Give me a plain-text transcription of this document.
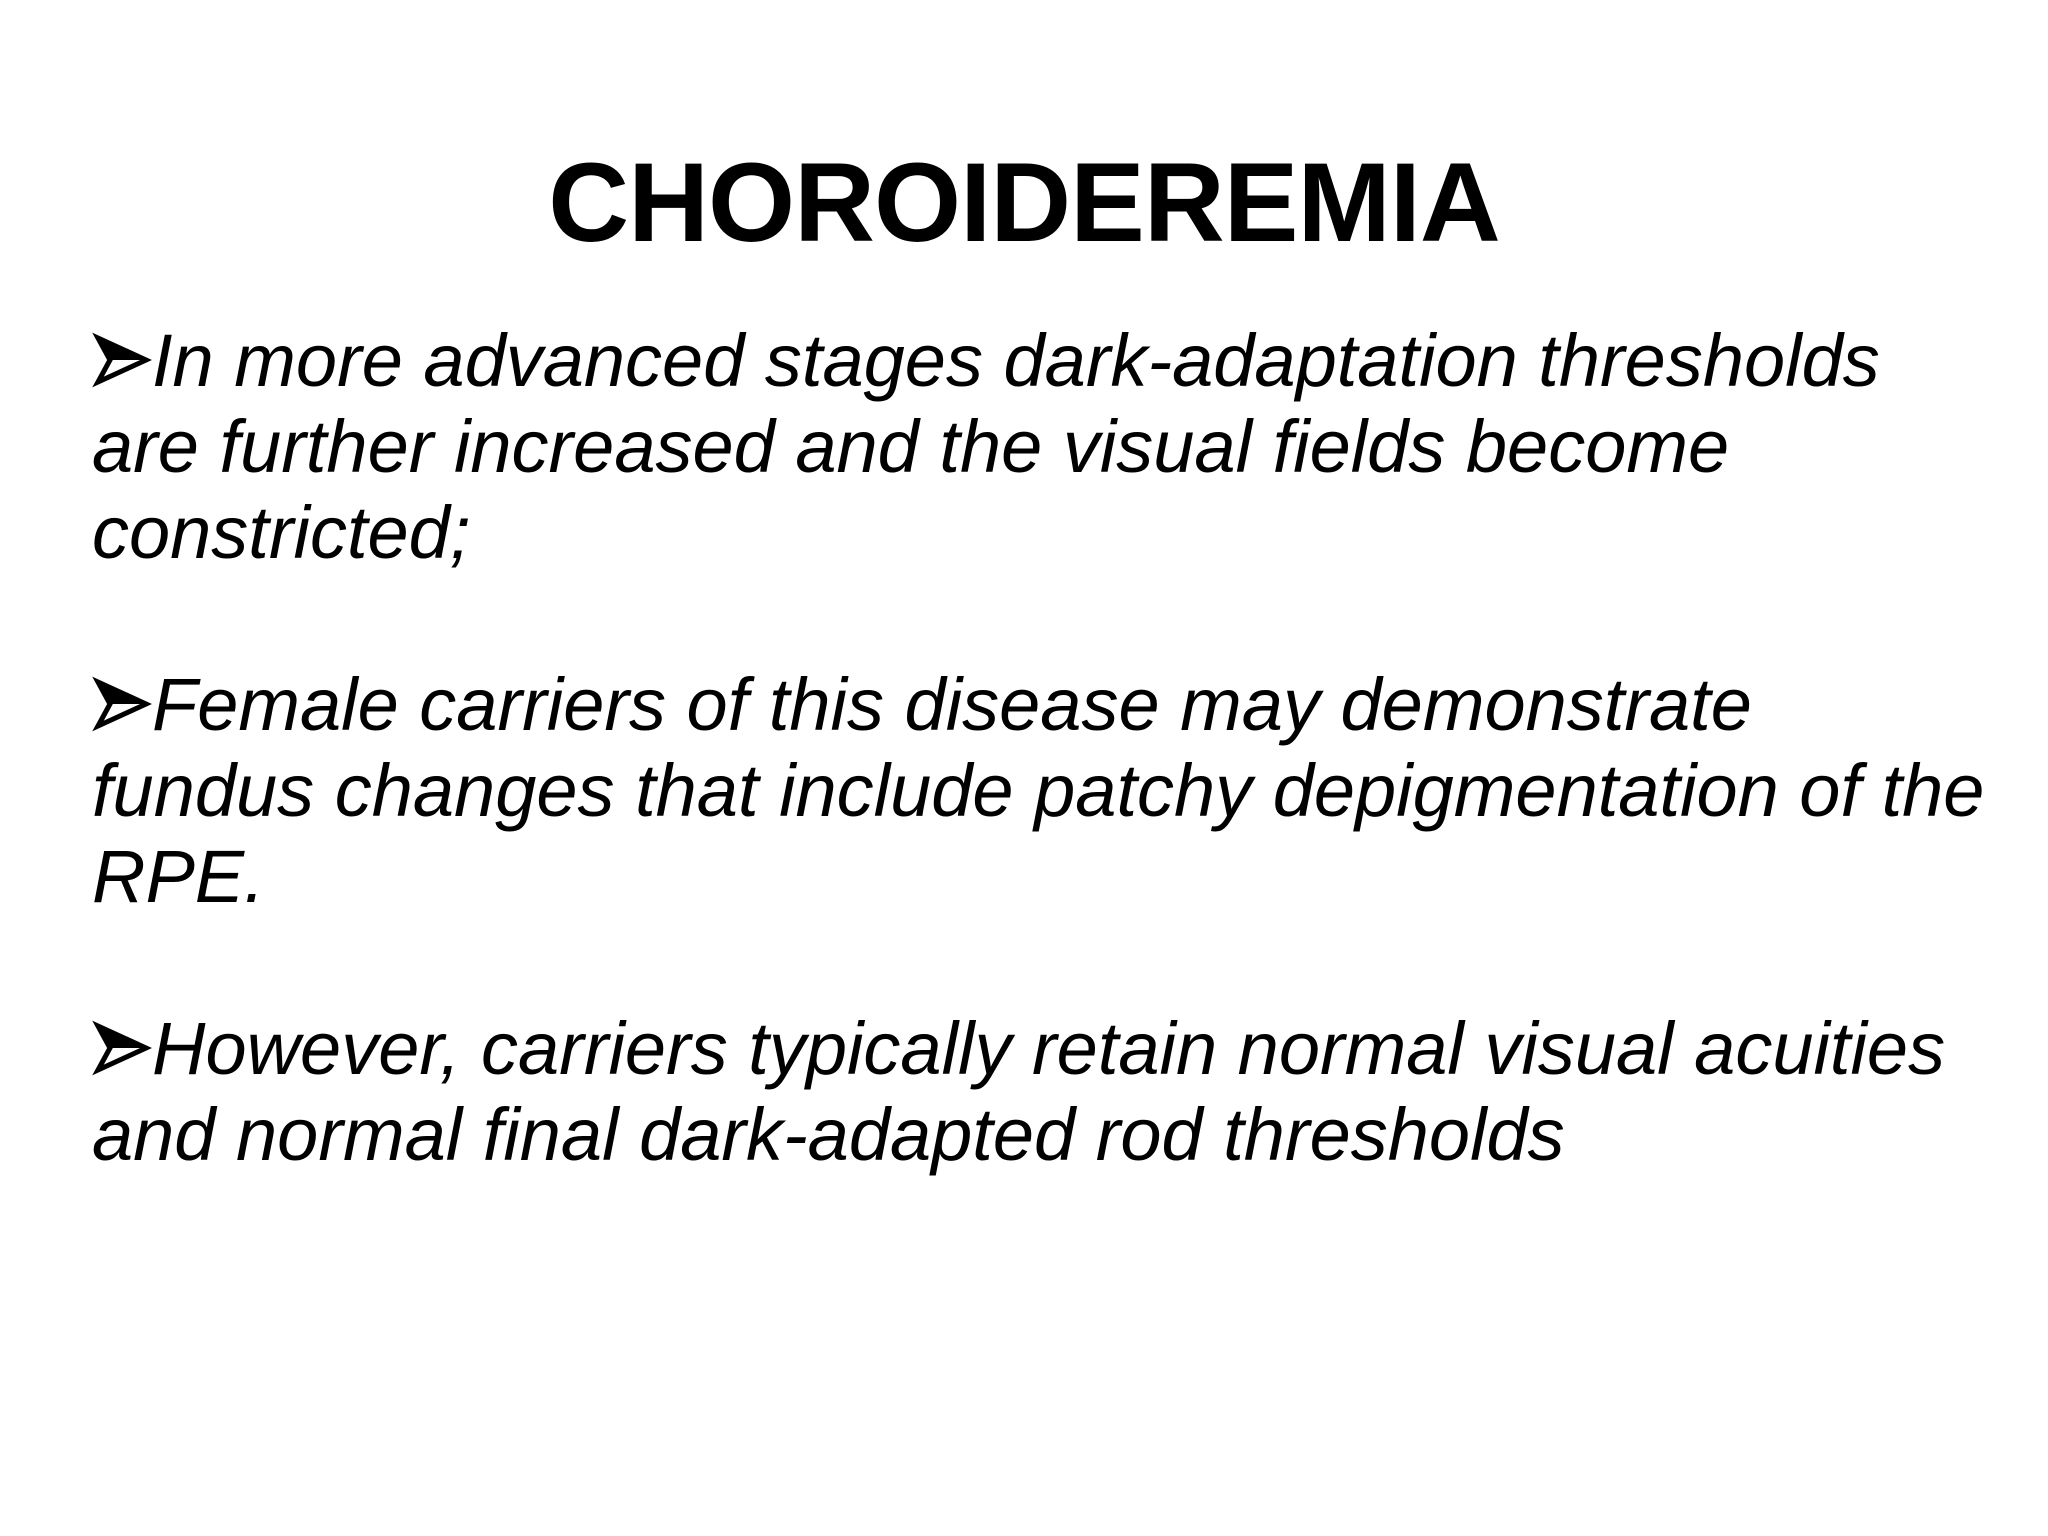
CHOROIDEREMIA
In more advanced stages dark-adaptation thresholds are further increased and the visual fields become constricted;
Female carriers of this disease may demonstrate fundus changes that include patchy depigmentation of the RPE.
However, carriers typically retain normal visual acuities and normal final dark-adapted rod thresholds
